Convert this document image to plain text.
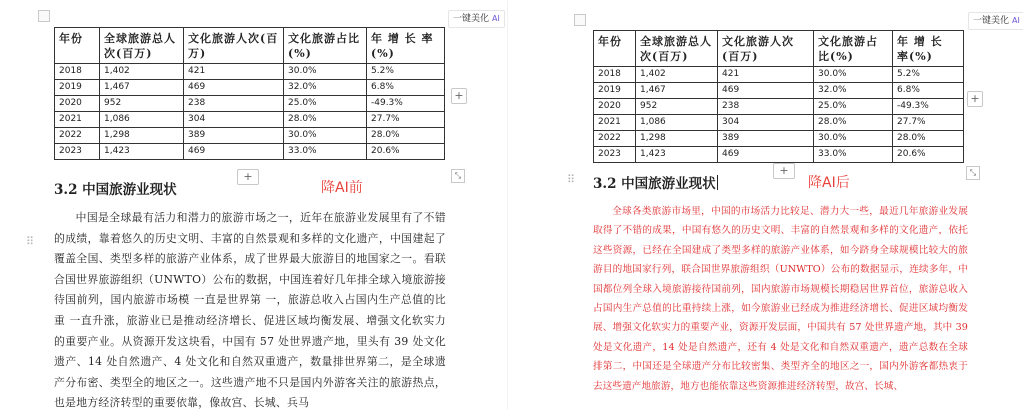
一键美化 AI
年份	全球旅游总人次(百万)	文化旅游人次(百万)	文化旅游占比(%)	年 增 长 率(%)
2018	1,402	421	30.0%	5.2%
2019	1,467	469	32.0%	6.8%
2020	952	238	25.0%	-49.3%
2021	1,086	304	28.0%	27.7%
2022	1,298	389	30.0%	28.0%
2023	1,423	469	33.0%	20.6%
+
+	⤡
3.2 中国旅游业现状	降AI前
⠿
中国是全球最有活力和潜力的旅游市场之一，近年在旅游业发展里有了不错的成绩，靠着悠久的历史文明、丰富的自然景观和多样的文化遗产，中国建起了覆盖全国、类型多样的旅游产业体系，成了世界最大旅游目的地国家之一。看联合国世界旅游组织（UNWTO）公布的数据，中国连着好几年排全球入境旅游接待国前列，国内旅游市场模 一直是世界第 一，旅游总收入占国内生产总值的比重 一直升涨，旅游业已是推动经济增长、促进区域均衡发展、增强文化软实力的重要产业。从资源开发这块看，中国有 57 处世界遗产地，里头有 39 处文化遗产、14 处自然遗产、4 处文化和自然双重遗产，数量排世界第二，是全球遗产分布密、类型全的地区之一。这些遗产地不只是国内外游客关注的旅游热点，也是地方经济转型的重要依靠，像故宫、长城、兵马
一键美化 AI
年份	全球旅游总人次(百万)	文化旅游人次(百万)	文化旅游占比(%)	年 增 长 率(%)
2018	1,402	421	30.0%	5.2%
2019	1,467	469	32.0%	6.8%
2020	952	238	25.0%	-49.3%
2021	1,086	304	28.0%	27.7%
2022	1,298	389	30.0%	28.0%
2023	1,423	469	33.0%	20.6%
+
+	⤡
⠿ 3.2 中国旅游业现状	降AI后
全球各类旅游市场里，中国的市场活力比较足、潜力大一些，最近几年旅游业发展取得了不错的成果，中国有悠久的历史文明、丰富的自然景观和多样的文化遗产，依托这些资源，已经在全国建成了类型多样的旅游产业体系，如今跻身全球规模比较大的旅游目的地国家行列，联合国世界旅游组织（UNWTO）公布的数据显示，连续多年，中国都位列全球入境旅游接待国前列，国内旅游市场规模长期稳居世界首位，旅游总收入占国内生产总值的比重持续上涨，如今旅游业已经成为推进经济增长、促进区域均衡发展、增强文化软实力的重要产业，资源开发层面，中国共有 57 处世界遗产地，其中 39 处是文化遗产，14 处是自然遗产，还有 4 处是文化和自然双重遗产，遗产总数在全球排第二，中国还是全球遗产分布比较密集、类型齐全的地区之一，国内外游客都热衷于去这些遗产地旅游，地方也能依靠这些资源推进经济转型，故宫、长城、
